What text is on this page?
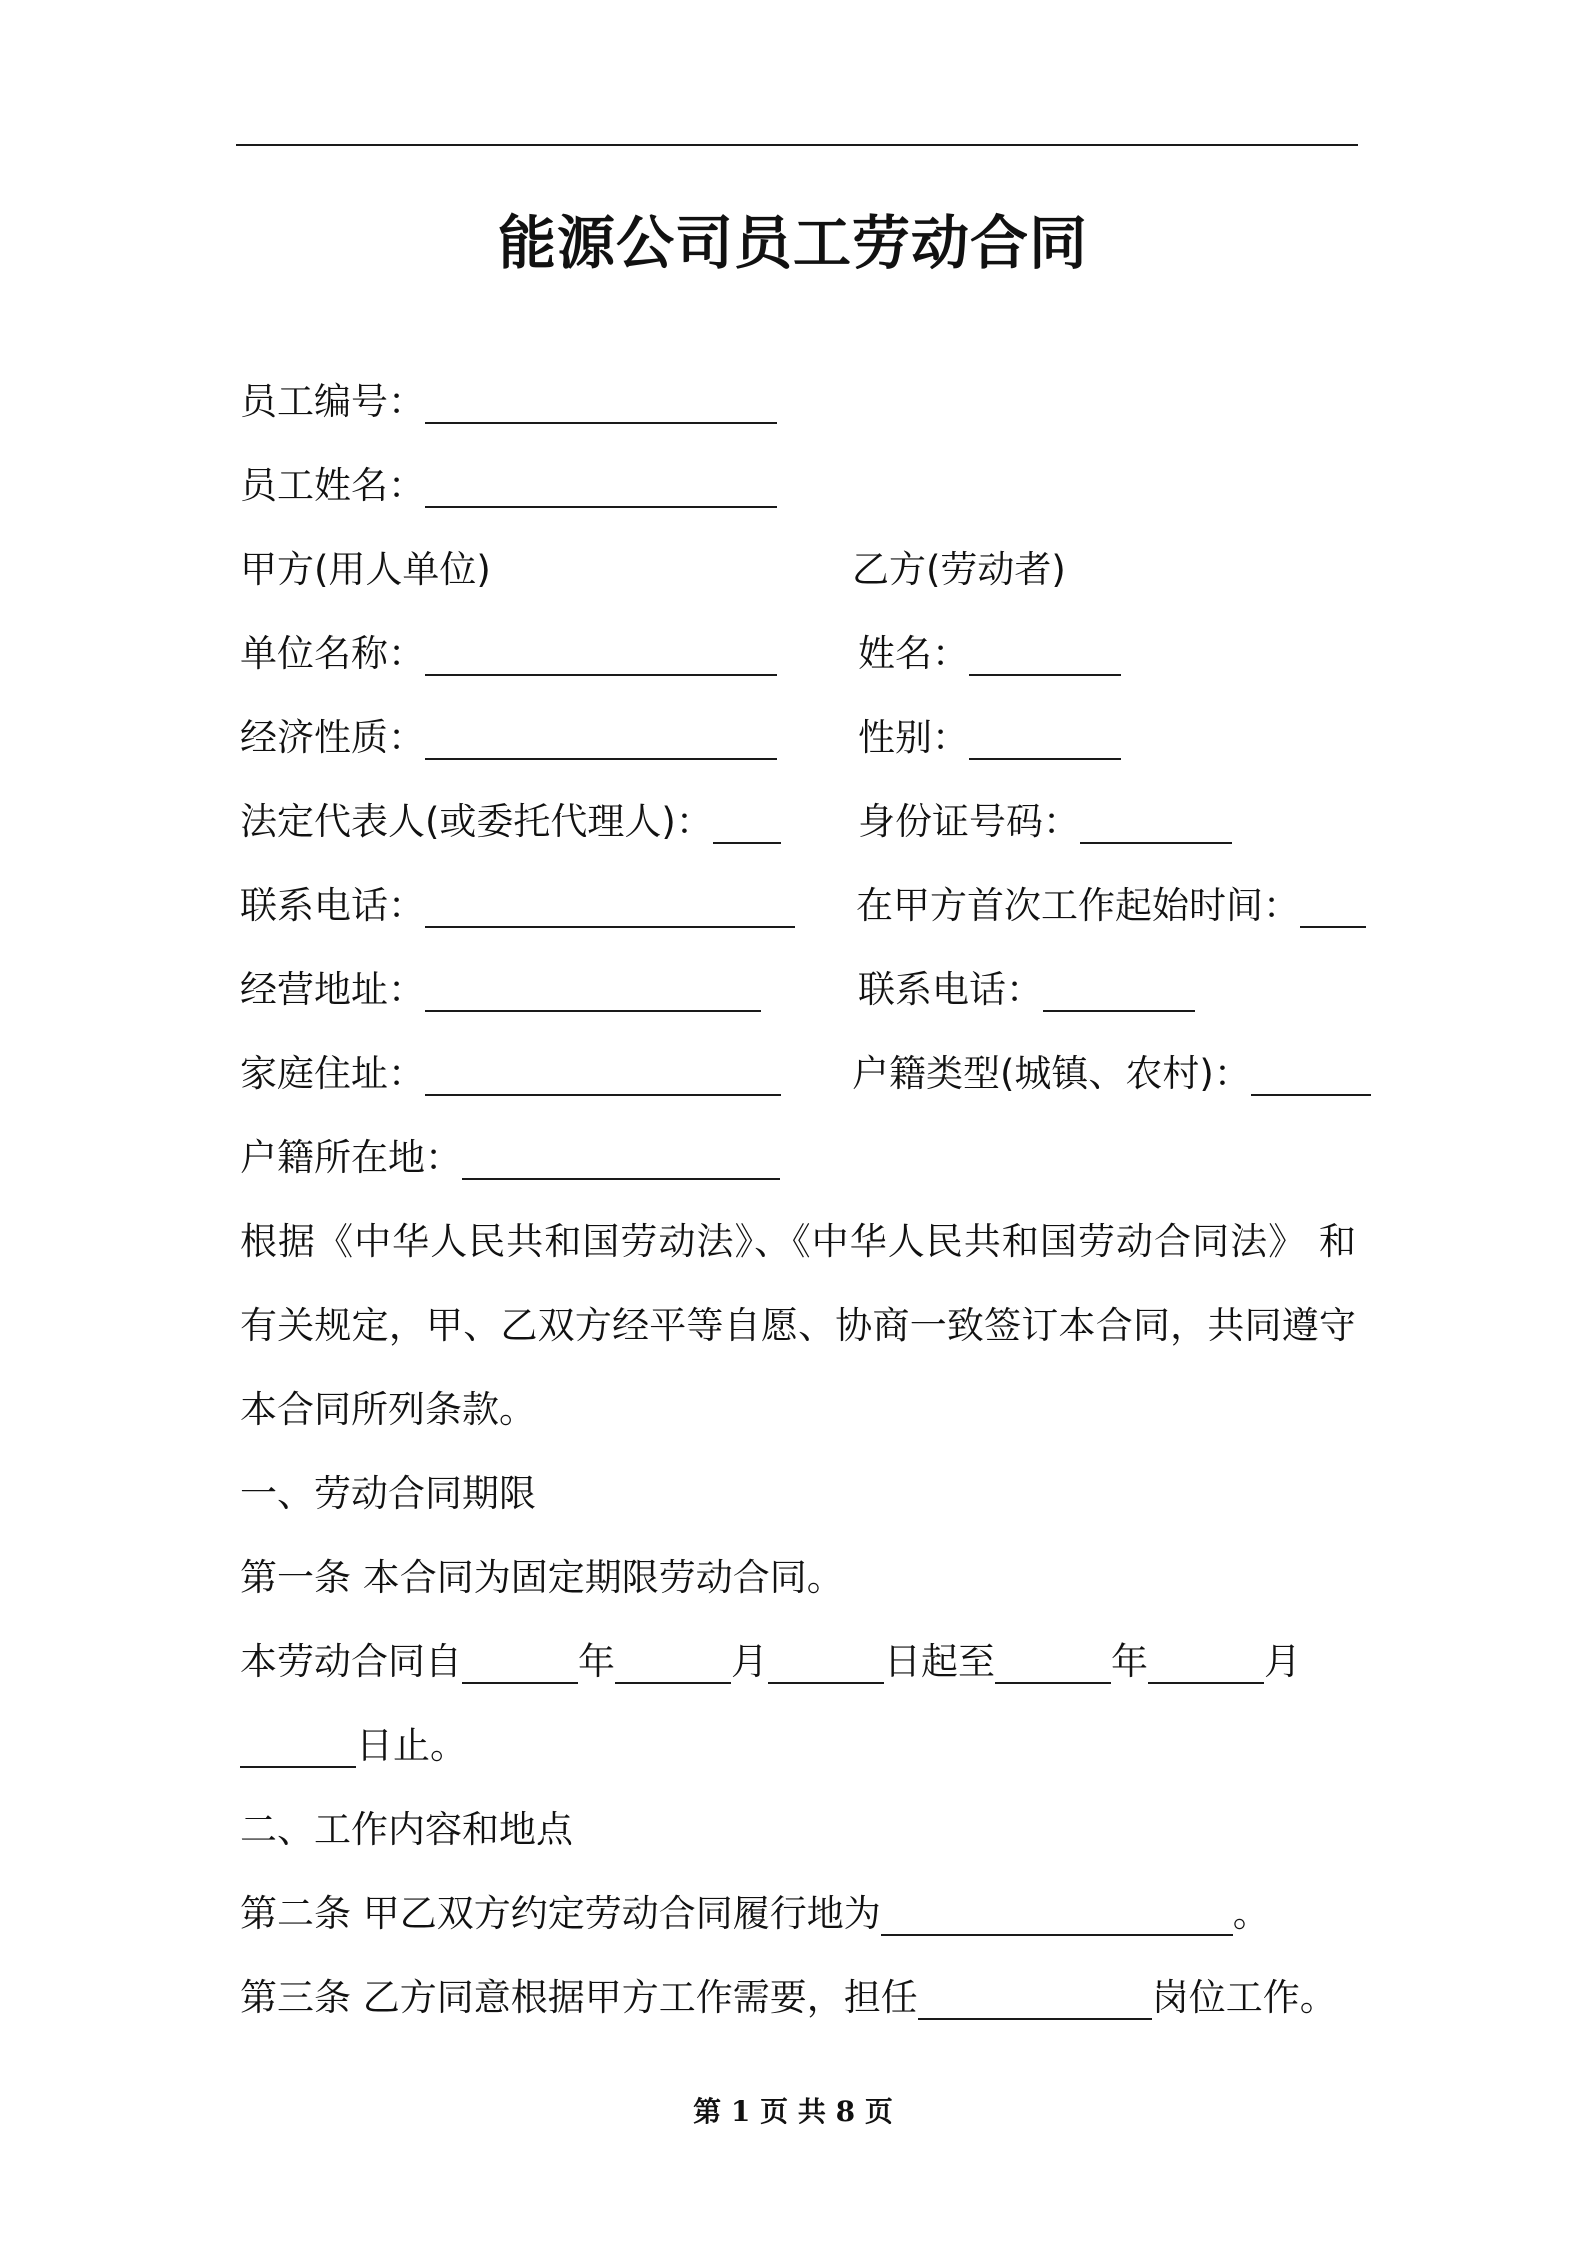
能源公司员工劳动合同
员工编号：
员工姓名：
甲方(用人单位)	乙方(劳动者)
单位名称：	姓名：
经济性质：	性别：
法定代表人(或委托代理人)：	身份证号码：
联系电话：	在甲方首次工作起始时间：
经营地址：	联系电话：
家庭住址：	户籍类型(城镇、农村)：
户籍所在地：
根据《中华人民共和国劳动法》、《中华人民共和国劳动合同法》 和
有关规定，甲、乙双方经平等自愿、协商一致签订本合同，共同遵守
本合同所列条款。
一、劳动合同期限
第一条 本合同为固定期限劳动合同。
本劳动合同自	年	月	日起至	年	月
日止。
二、工作内容和地点
第二条 甲乙双方约定劳动合同履行地为	。
第三条 乙方同意根据甲方工作需要，担任	岗位工作。
第 1 页 共 8 页
